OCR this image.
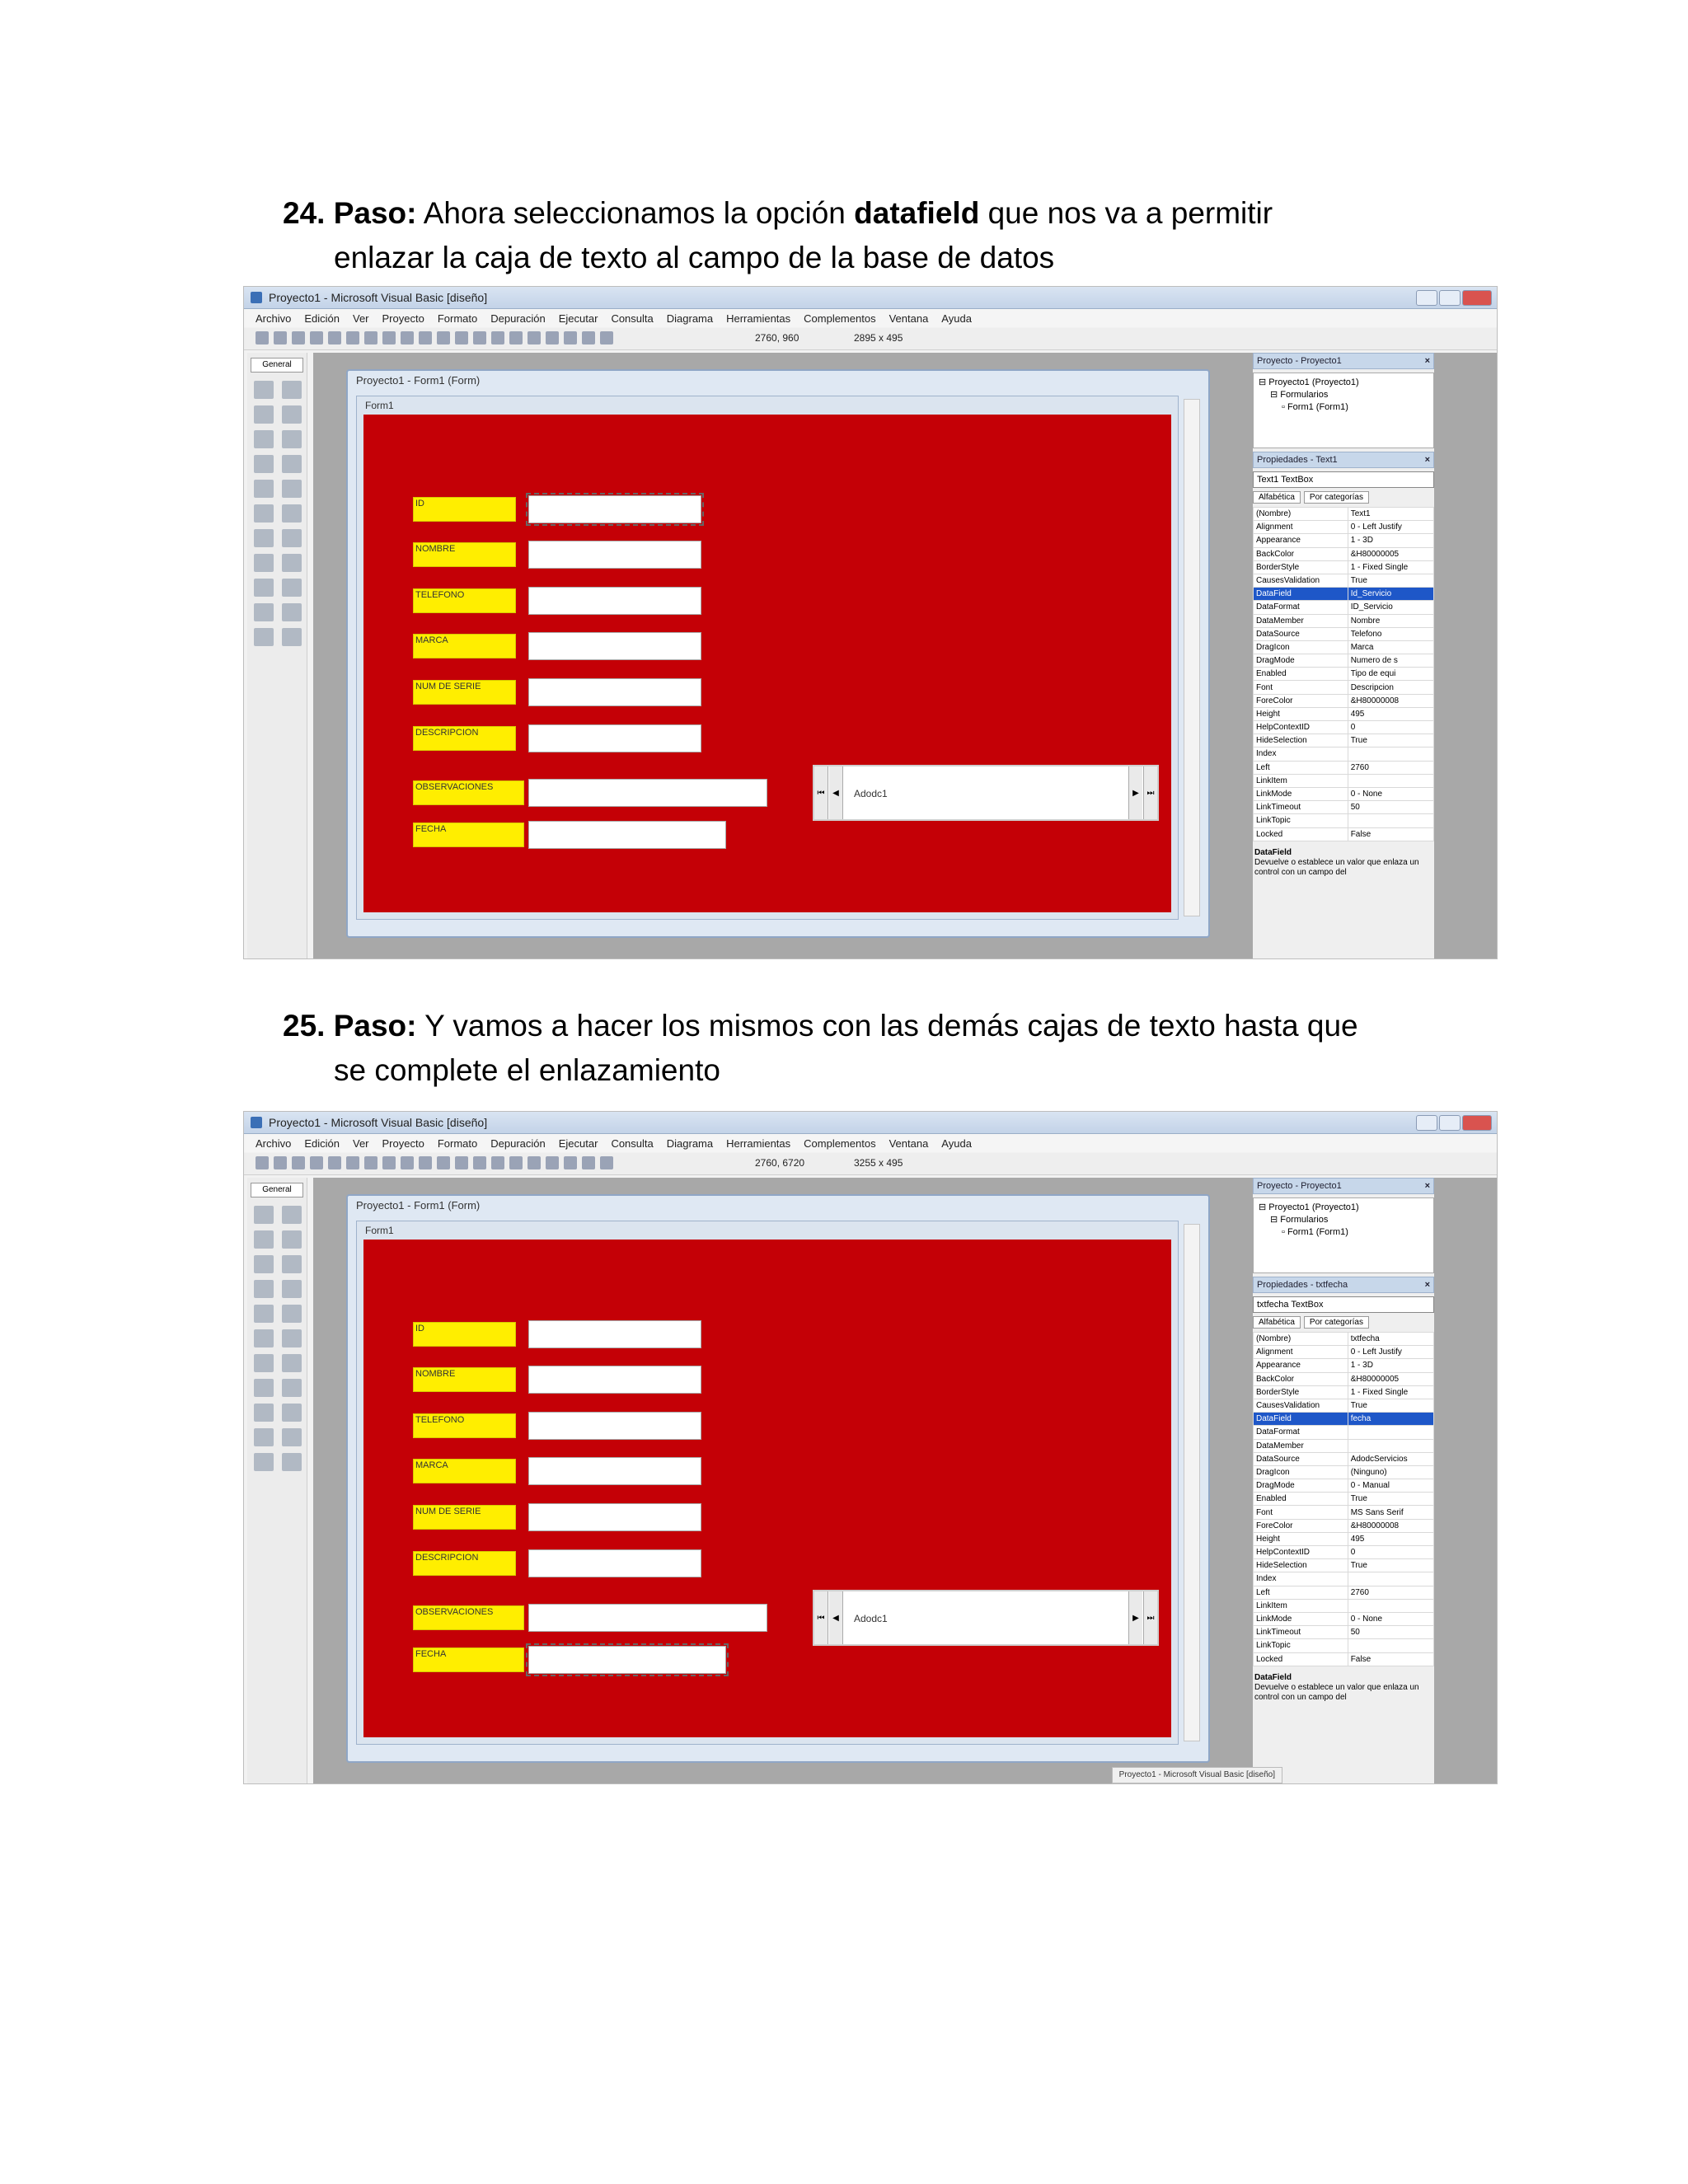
24. Paso: Ahora seleccionamos la opción datafield que nos va a permitir
enlazar la caja de texto al campo de la base de datos
Proyecto1 - Microsoft Visual Basic [diseño]
Archivo Edición Ver Proyecto Formato Depuración Ejecutar Consulta Diagrama Herramientas Complementos Ventana Ayuda
2760, 960	2895 x 495
General
Proyecto1 - Form1 (Form)
Form1
ID
NOMBRE
TELEFONO
MARCA
NUM DE SERIE
DESCRIPCION
OBSERVACIONES
FECHA
⏮ ◀	▶ ⏭
Adodc1
Proyecto - Proyecto1	×
⊟ Proyecto1 (Proyecto1)
⊟ Formularios
▫ Form1 (Form1)
Propiedades - Text1	×
Text1 TextBox
Alfabética	Por categorías
(Nombre)	Text1
Alignment	0 - Left Justify
Appearance	1 - 3D
BackColor	&H80000005
BorderStyle	1 - Fixed Single
CausesValidation	True
DataField	Id_Servicio
DataFormat	ID_Servicio
DataMember	Nombre
DataSource	Telefono
DragIcon	Marca
DragMode	Numero de s
Enabled	Tipo de equi
Font	Descripcion
ForeColor	&H80000008
Height	495
HelpContextID	0
HideSelection	True
Index	
Left	2760
LinkItem	
LinkMode	0 - None
LinkTimeout	50
LinkTopic	
Locked	False
DataField
Devuelve o establece un valor que enlaza un control con un campo del
25. Paso: Y vamos a hacer los mismos con las demás cajas de texto hasta que
se complete el enlazamiento
Proyecto1 - Microsoft Visual Basic [diseño]
Archivo Edición Ver Proyecto Formato Depuración Ejecutar Consulta Diagrama Herramientas Complementos Ventana Ayuda
2760, 6720	3255 x 495
General
Proyecto1 - Form1 (Form)
Form1
ID
NOMBRE
TELEFONO
MARCA
NUM DE SERIE
DESCRIPCION
OBSERVACIONES
FECHA
⏮ ◀	▶ ⏭
Adodc1
Proyecto - Proyecto1	×
⊟ Proyecto1 (Proyecto1)
⊟ Formularios
▫ Form1 (Form1)
Propiedades - txtfecha	×
txtfecha TextBox
Alfabética	Por categorías
(Nombre)	txtfecha
Alignment	0 - Left Justify
Appearance	1 - 3D
BackColor	&H80000005
BorderStyle	1 - Fixed Single
CausesValidation	True
DataField	fecha
DataFormat	
DataMember	
DataSource	AdodcServicios
DragIcon	(Ninguno)
DragMode	0 - Manual
Enabled	True
Font	MS Sans Serif
ForeColor	&H80000008
Height	495
HelpContextID	0
HideSelection	True
Index	
Left	2760
LinkItem	
LinkMode	0 - None
LinkTimeout	50
LinkTopic	
Locked	False
DataField
Devuelve o establece un valor que enlaza un control con un campo del
Proyecto1 - Microsoft Visual Basic [diseño]
